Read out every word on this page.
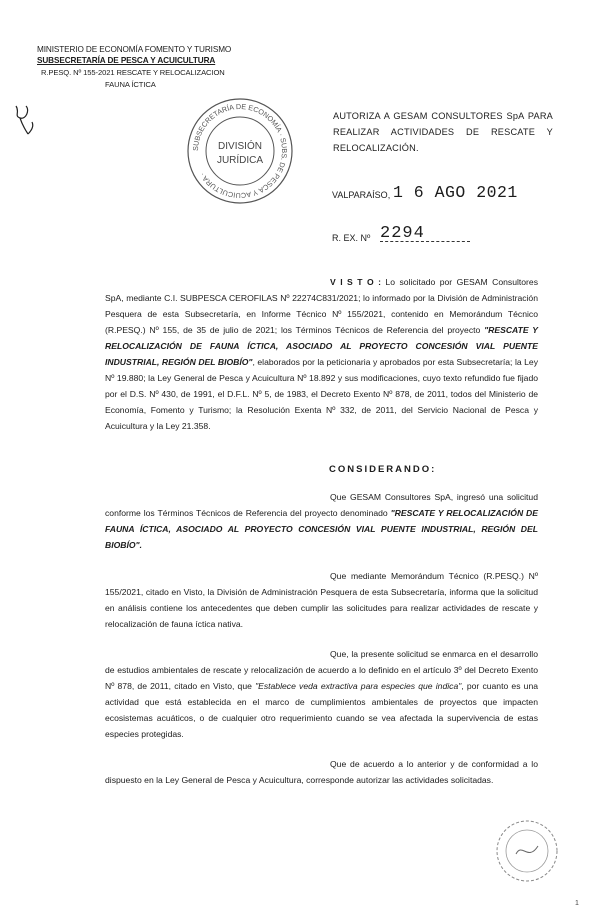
MINISTERIO DE ECONOMÍA FOMENTO Y TURISMO
SUBSECRETARÍA DE PESCA Y ACUICULTURA
R.PESQ. Nº 155-2021 RESCATE Y RELOCALIZACION
FAUNA ÍCTICA
SUBSECRETARÍA DE ECONOMÍA · SUBS. DE PESCA Y ACUICULTURA ·
DIVISIÓN
JURÍDICA
AUTORIZA A GESAM CONSULTORES SpA PARA REALIZAR ACTIVIDADES DE RESCATE Y RELOCALIZACIÓN.
VALPARAÍSO, 1 6 AGO 2021
R. EX. Nº 2294
V I S T O : Lo solicitado por GESAM Consultores SpA, mediante C.I. SUBPESCA CEROFILAS Nº 22274C831/2021; lo informado por la División de Administración Pesquera de esta Subsecretaría, en Informe Técnico Nº 155/2021, contenido en Memorándum Técnico (R.PESQ.) Nº 155, de 35 de julio de 2021; los Términos Técnicos de Referencia del proyecto "RESCATE Y RELOCALIZACIÓN DE FAUNA ÍCTICA, ASOCIADO AL PROYECTO CONCESIÓN VIAL PUENTE INDUSTRIAL, REGIÓN DEL BIOBÍO", elaborados por la peticionaria y aprobados por esta Subsecretaría; la Ley Nº 19.880; la Ley General de Pesca y Acuicultura Nº 18.892 y sus modificaciones, cuyo texto refundido fue fijado por el D.S. Nº 430, de 1991, el D.F.L. Nº 5, de 1983, el Decreto Exento Nº 878, de 2011, todos del Ministerio de Economía, Fomento y Turismo; la Resolución Exenta Nº 332, de 2011, del Servicio Nacional de Pesca y Acuicultura y la Ley 21.358.
CONSIDERANDO:
Que GESAM Consultores SpA, ingresó una solicitud conforme los Términos Técnicos de Referencia del proyecto denominado "RESCATE Y RELOCALIZACIÓN DE FAUNA ÍCTICA, ASOCIADO AL PROYECTO CONCESIÓN VIAL PUENTE INDUSTRIAL, REGIÓN DEL BIOBÍO".
Que mediante Memorándum Técnico (R.PESQ.) Nº 155/2021, citado en Visto, la División de Administración Pesquera de esta Subsecretaría, informa que la solicitud en análisis contiene los antecedentes que deben cumplir las solicitudes para realizar actividades de rescate y relocalización de fauna íctica nativa.
Que, la presente solicitud se enmarca en el desarrollo de estudios ambientales de rescate y relocalización de acuerdo a lo definido en el artículo 3º del Decreto Exento Nº 878, de 2011, citado en Visto, que "Establece veda extractiva para especies que indica", por cuanto es una actividad que está establecida en el marco de cumplimientos ambientales de proyectos que impacten ecosistemas acuáticos, o de cualquier otro requerimiento cuando se vea afectada la supervivencia de estas especies protegidas.
Que de acuerdo a lo anterior y de conformidad a lo dispuesto en la Ley General de Pesca y Acuicultura, corresponde autorizar las actividades solicitadas.
1
